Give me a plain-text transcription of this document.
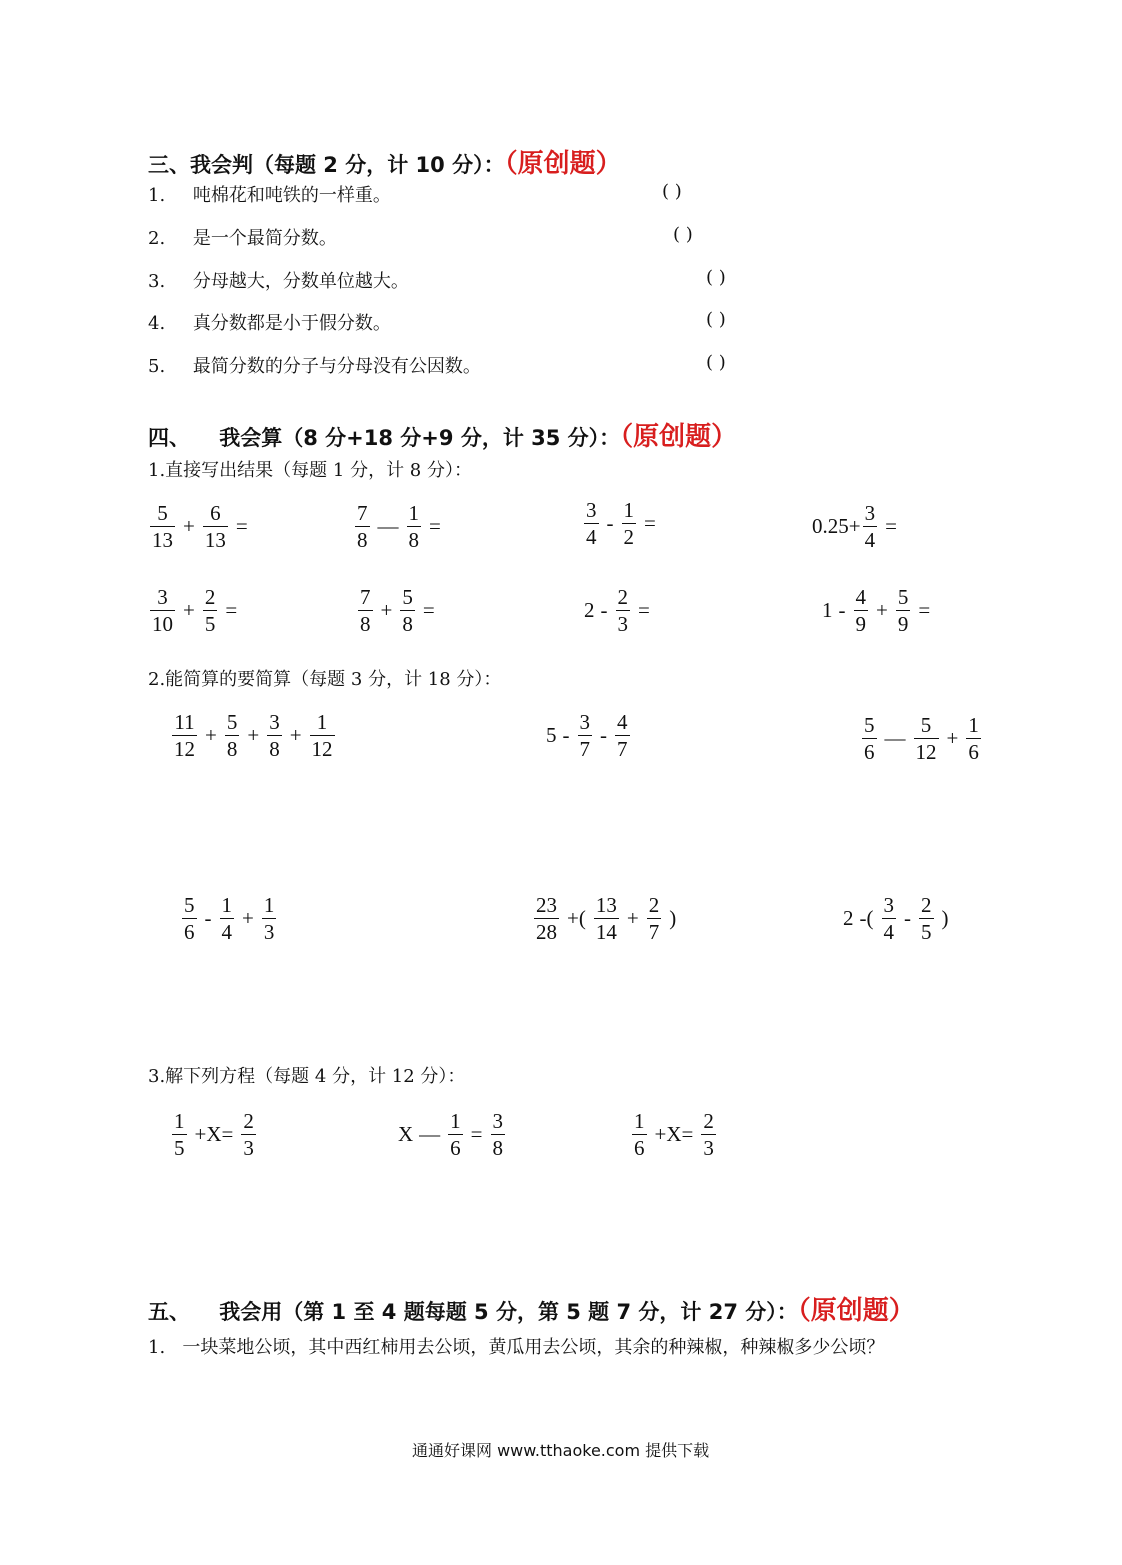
三、我会判（每题 2 分，计 10 分）：（原创题）
1. 吨棉花和吨铁的一样重。	( )
2. 是一个最简分数。	( )
3. 分母越大，分数单位越大。	( )
4. 真分数都是小于假分数。	( )
5. 最简分数的分子与分母没有公因数。	( )
四、    我会算（8 分+18 分+9 分，计 35 分）：（原创题）
1.直接写出结果（每题 1 分，计 8 分）：
$\frac{5}{13} + \frac{6}{13}$ =	$\frac{7}{8}$ — $\frac{1}{8}$ =	$\frac{3}{4} - \frac{1}{2}$ =	$0.25+ \frac{3}{4}$ =
$\frac{3}{10} + \frac{2}{5}$ =	$\frac{7}{8} + \frac{5}{8}$ =	$2 - \frac{2}{3}$ =	$1 - \frac{4}{9} + \frac{5}{9}$ =
2.能简算的要简算（每题 3 分，计 18 分）：
$\frac{11}{12} + \frac{5}{8} + \frac{3}{8} + \frac{1}{12}$	$5 - \frac{3}{7} - \frac{4}{7}$	$\frac{5}{6}$ — $\frac{5}{12} + \frac{1}{6}$
$\frac{5}{6} - \frac{1}{4} + \frac{1}{3}$	$\frac{23}{28}$ +( $\frac{13}{14} + \frac{2}{7}$ )	2 -( $\frac{3}{4} - \frac{2}{5}$ )
3.解下列方程（每题 4 分，计 12 分）：
$\frac{1}{5} +X= \frac{2}{3}$	X — $\frac{1}{6} = \frac{3}{8}$	$\frac{1}{6} +X= \frac{2}{3}$
五、    我会用（第 1 至 4 题每题 5 分，第 5 题 7 分，计 27 分）：（原创题）
1.   一块菜地公顷，其中西红柿用去公顷，黄瓜用去公顷，其余的种辣椒，种辣椒多少公顷？
通通好课网 www.tthaoke.com 提供下载
